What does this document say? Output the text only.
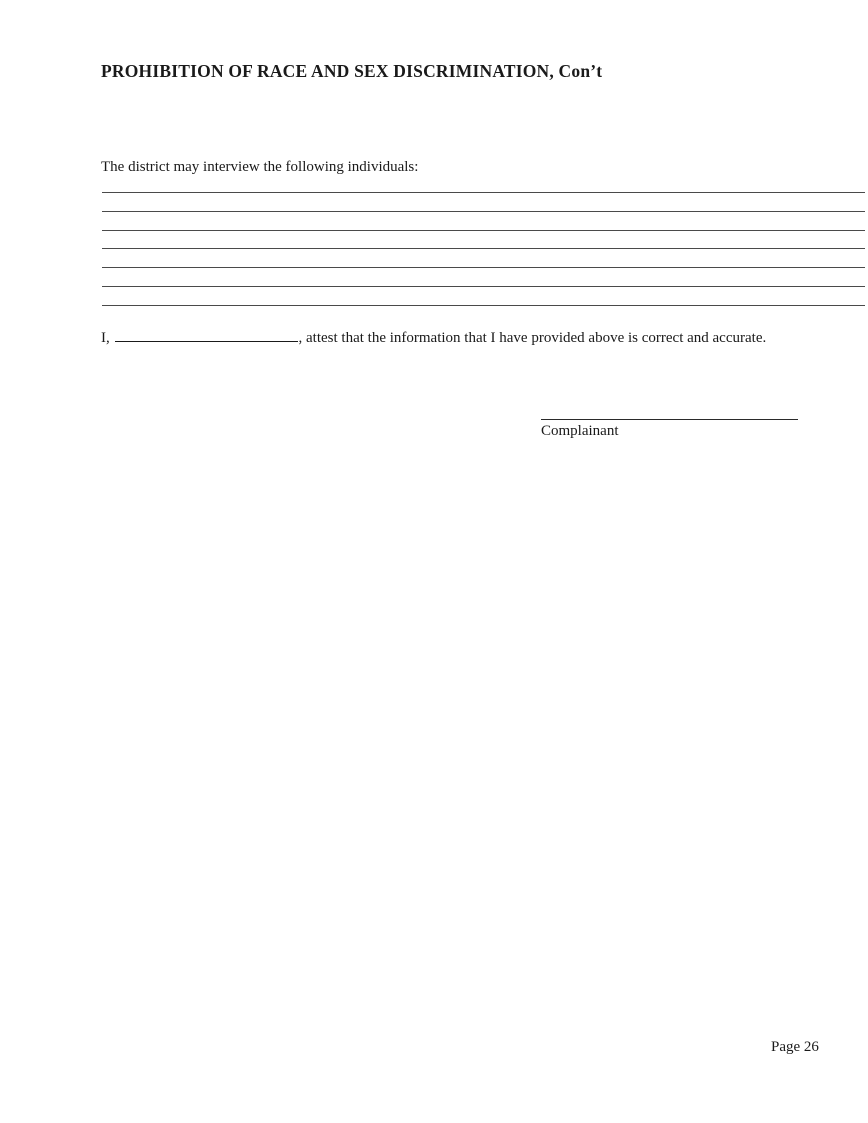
PROHIBITION OF RACE AND SEX DISCRIMINATION, Con’t
The district may interview the following individuals:
I,	, attest that the information that I have provided above is correct and accurate.
Complainant
Page 26
